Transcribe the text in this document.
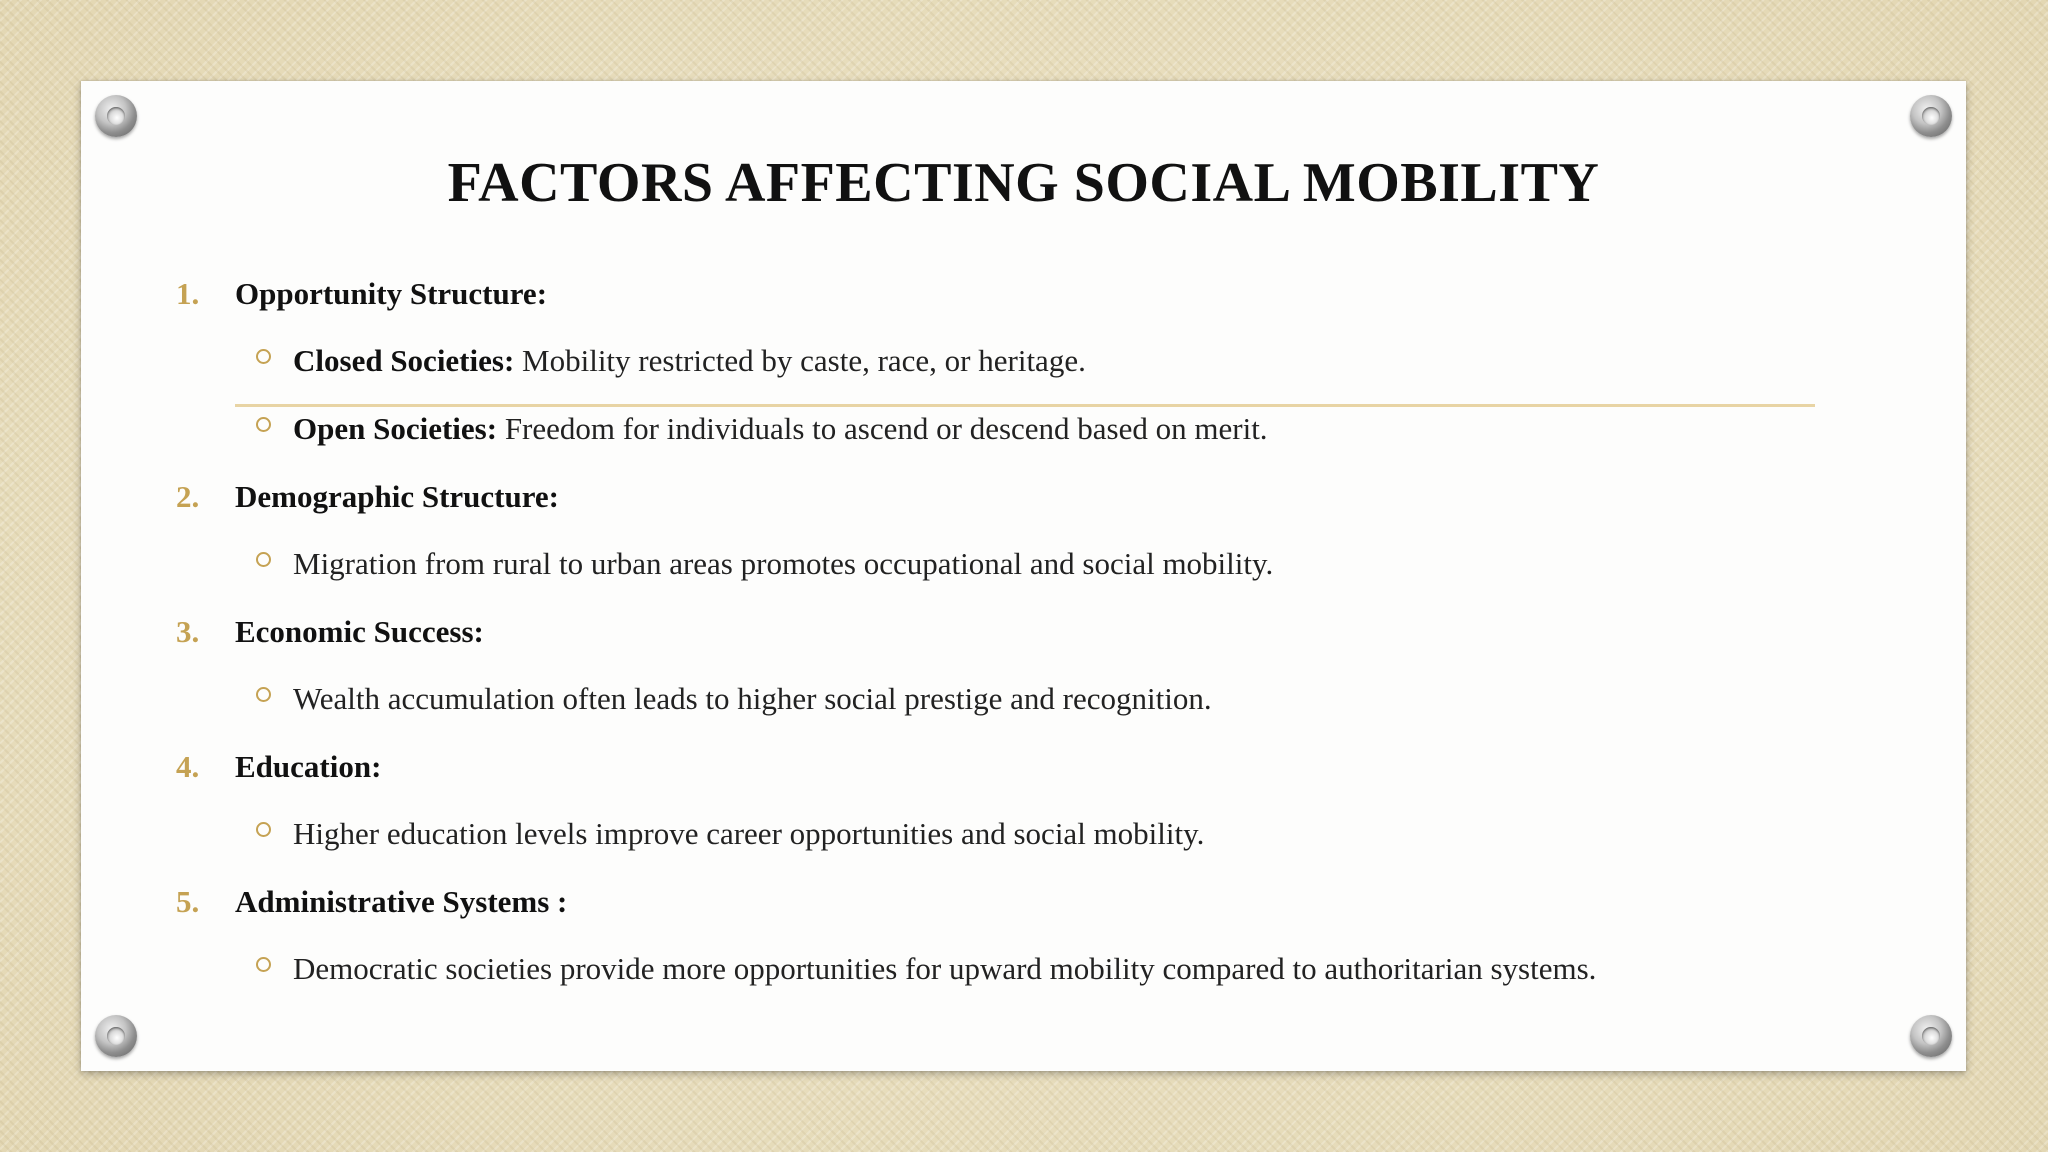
FACTORS AFFECTING SOCIAL MOBILITY
1. Opportunity Structure:
Closed Societies: Mobility restricted by caste, race, or heritage.
Open Societies: Freedom for individuals to ascend or descend based on merit.
2. Demographic Structure:
Migration from rural to urban areas promotes occupational and social mobility.
3. Economic Success:
Wealth accumulation often leads to higher social prestige and recognition.
4. Education:
Higher education levels improve career opportunities and social mobility.
5. Administrative Systems :
Democratic societies provide more opportunities for upward mobility compared to authoritarian systems.
